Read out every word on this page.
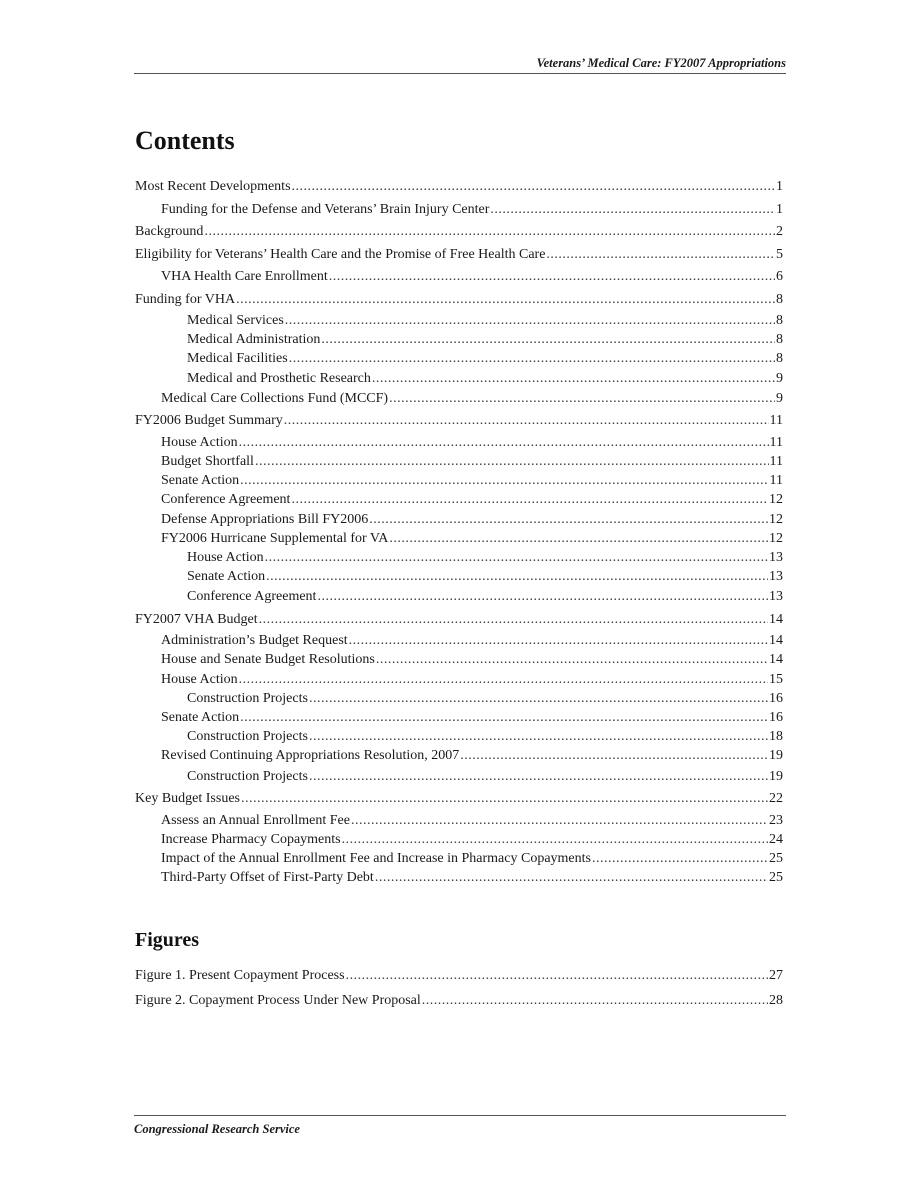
Veterans’ Medical Care: FY2007 Appropriations
Contents
Most Recent Developments .....	1
Funding for the Defense and Veterans’ Brain Injury Center .....	1
Background .....	2
Eligibility for Veterans’ Health Care and the Promise of Free Health Care .....	5
VHA Health Care Enrollment .....	6
Funding for VHA .....	8
Medical Services .....	8
Medical Administration .....	8
Medical Facilities .....	8
Medical and Prosthetic Research .....	9
Medical Care Collections Fund (MCCF) .....	9
FY2006 Budget Summary .....	11
House Action .....	11
Budget Shortfall .....	11
Senate Action .....	11
Conference Agreement .....	12
Defense Appropriations Bill FY2006 .....	12
FY2006 Hurricane Supplemental for VA .....	12
House Action .....	13
Senate Action .....	13
Conference Agreement .....	13
FY2007 VHA Budget .....	14
Administration’s Budget Request .....	14
House and Senate Budget Resolutions .....	14
House Action .....	15
Construction Projects .....	16
Senate Action .....	16
Construction Projects .....	18
Revised Continuing Appropriations Resolution, 2007 .....	19
Construction Projects .....	19
Key Budget Issues .....	22
Assess an Annual Enrollment Fee .....	23
Increase Pharmacy Copayments .....	24
Impact of the Annual Enrollment Fee and Increase in Pharmacy Copayments .....	25
Third-Party Offset of First-Party Debt .....	25
Figures
Figure 1. Present Copayment Process .....	27
Figure 2. Copayment Process Under New Proposal .....	28
Congressional Research Service
